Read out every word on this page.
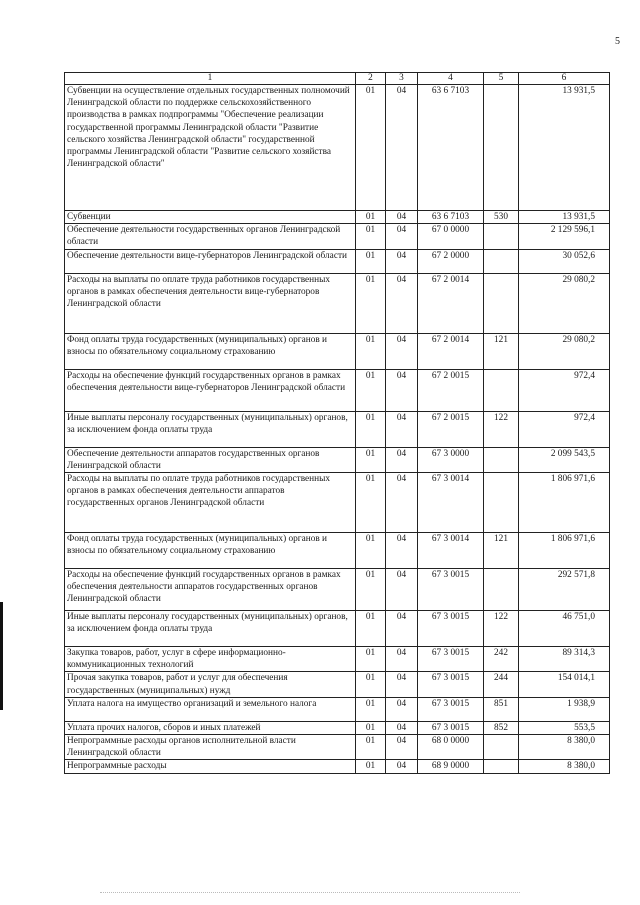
5
1	2	3	4	5	6
Субвенции на осуществление отдельных государственных полномочий Ленинградской области по поддержке сельскохозяйственного производства в рамках подпрограммы "Обеспечение реализации государственной программы Ленинградской области "Развитие сельского хозяйства Ленинградской области" государственной программы Ленинградской области "Развитие сельского хозяйства Ленинградской области"	01	04	63 6 7103		13 931,5
Субвенции	01	04	63 6 7103	530	13 931,5
Обеспечение деятельности государственных органов Ленинградской области	01	04	67 0 0000		2 129 596,1
Обеспечение деятельности вице-губернаторов Ленинградской области	01	04	67 2 0000		30 052,6
Расходы на выплаты по оплате труда работников государственных органов в рамках обеспечения деятельности вице-губернаторов Ленинградской области	01	04	67 2 0014		29 080,2
Фонд оплаты труда государственных (муниципальных) органов и взносы по обязательному социальному страхованию	01	04	67 2 0014	121	29 080,2
Расходы на обеспечение функций государственных органов в рамках обеспечения деятельности вице-губернаторов Ленинградской области	01	04	67 2 0015		972,4
Иные выплаты персоналу государственных (муниципальных) органов, за исключением фонда оплаты труда	01	04	67 2 0015	122	972,4
Обеспечение деятельности аппаратов государственных органов Ленинградской области	01	04	67 3 0000		2 099 543,5
Расходы на выплаты по оплате труда работников государственных органов в рамках обеспечения деятельности аппаратов государственных органов Ленинградской области	01	04	67 3 0014		1 806 971,6
Фонд оплаты труда государственных (муниципальных) органов и взносы по обязательному социальному страхованию	01	04	67 3 0014	121	1 806 971,6
Расходы на обеспечение функций государственных органов в рамках обеспечения деятельности аппаратов государственных органов Ленинградской области	01	04	67 3 0015		292 571,8
Иные выплаты персоналу государственных (муниципальных) органов, за исключением фонда оплаты труда	01	04	67 3 0015	122	46 751,0
Закупка товаров, работ, услуг в сфере информационно-коммуникационных технологий	01	04	67 3 0015	242	89 314,3
Прочая закупка товаров, работ и услуг для обеспечения государственных (муниципальных) нужд	01	04	67 3 0015	244	154 014,1
Уплата налога на имущество организаций и земельного налога	01	04	67 3 0015	851	1 938,9
Уплата прочих налогов, сборов и иных платежей	01	04	67 3 0015	852	553,5
Непрограммные расходы органов исполнительной власти Ленинградской области	01	04	68 0 0000		8 380,0
Непрограммные расходы	01	04	68 9 0000		8 380,0
